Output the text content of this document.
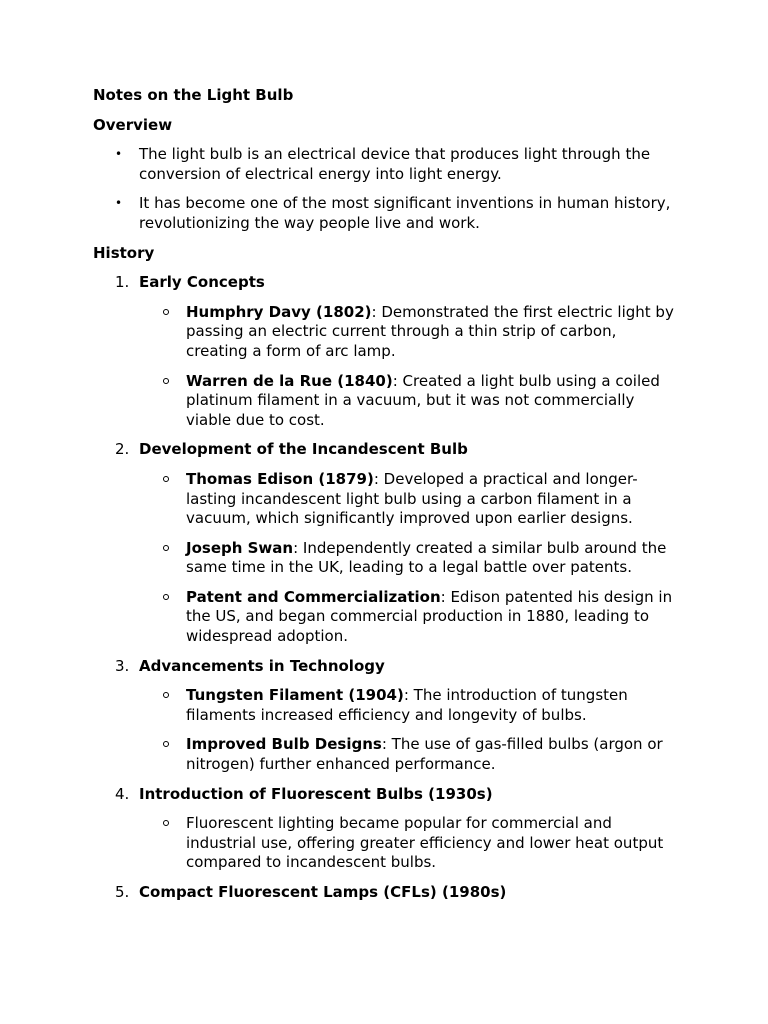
Notes on the Light Bulb

Overview

• The light bulb is an electrical device that produces light through the conversion of electrical energy into light energy.
• It has become one of the most significant inventions in human history, revolutionizing the way people live and work.

History

1. Early Concepts
Humphry Davy (1802): Demonstrated the first electric light by passing an electric current through a thin strip of carbon, creating a form of arc lamp.
Warren de la Rue (1840): Created a light bulb using a coiled platinum filament in a vacuum, but it was not commercially viable due to cost.
2. Development of the Incandescent Bulb
Thomas Edison (1879): Developed a practical and longer-lasting incandescent light bulb using a carbon filament in a vacuum, which significantly improved upon earlier designs.
Joseph Swan: Independently created a similar bulb around the same time in the UK, leading to a legal battle over patents.
Patent and Commercialization: Edison patented his design in the US, and began commercial production in 1880, leading to widespread adoption.
3. Advancements in Technology
Tungsten Filament (1904): The introduction of tungsten filaments increased efficiency and longevity of bulbs.
Improved Bulb Designs: The use of gas-filled bulbs (argon or nitrogen) further enhanced performance.
4. Introduction of Fluorescent Bulbs (1930s)
Fluorescent lighting became popular for commercial and industrial use, offering greater efficiency and lower heat output compared to incandescent bulbs.
5. Compact Fluorescent Lamps (CFLs) (1980s)
